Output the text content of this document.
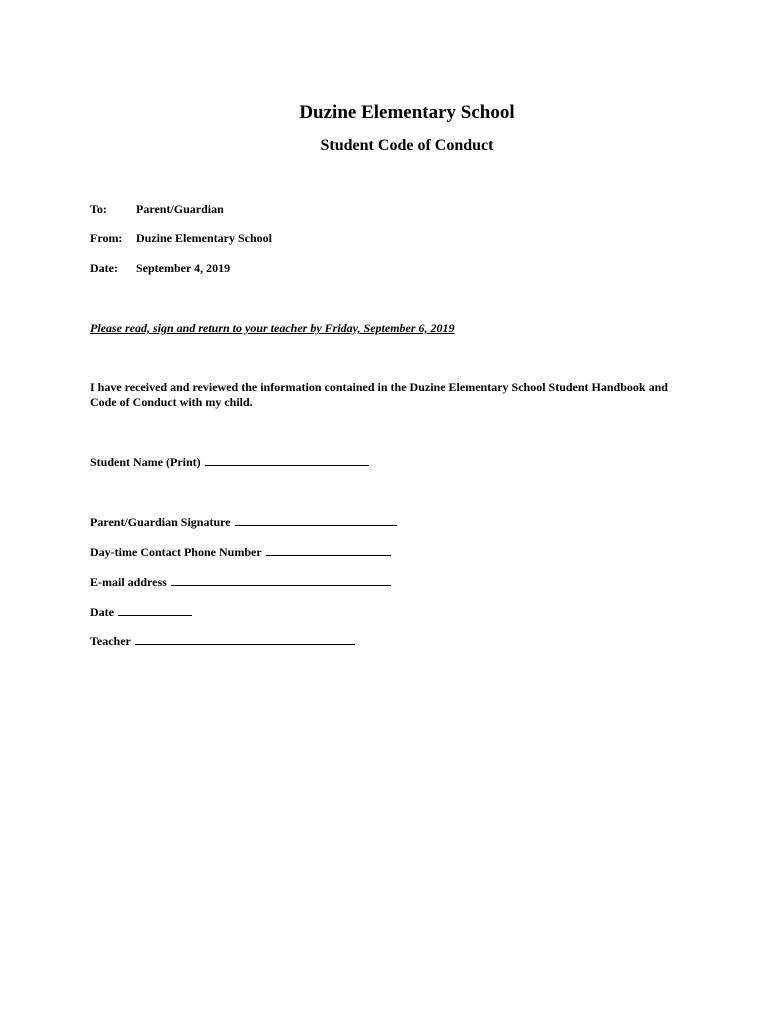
Duzine Elementary School
Student Code of Conduct
To: Parent/Guardian
From: Duzine Elementary School
Date: September 4, 2019
Please read, sign and return to your teacher by Friday, September 6, 2019
I have received and reviewed the information contained in the Duzine Elementary School Student Handbook and
Code of Conduct with my child.
Student Name (Print)
Parent/Guardian Signature
Day-time Contact Phone Number
E-mail address
Date
Teacher
